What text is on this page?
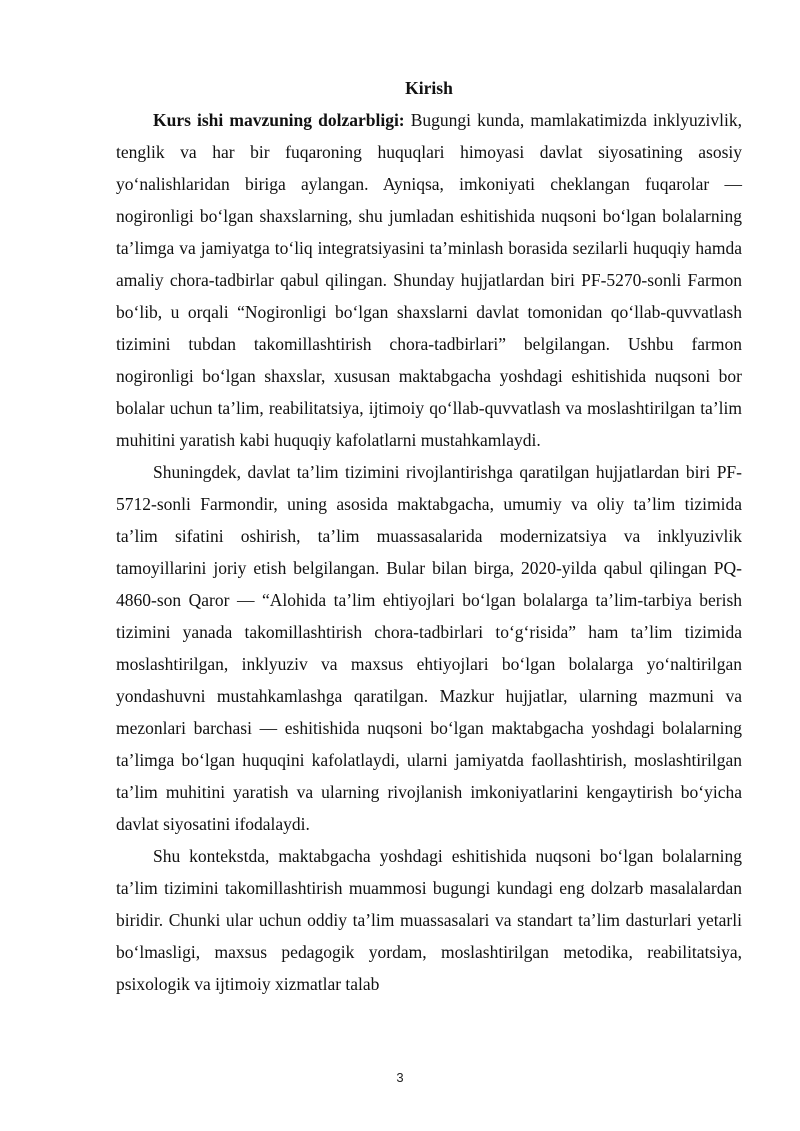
Kirish

Kurs ishi mavzuning dolzarbligi: Bugungi kunda, mamlakatimizda inklyuzivlik, tenglik va har bir fuqaroning huquqlari himoyasi davlat siyosatining asosiy yo‘nalishlaridan biriga aylangan. Ayniqsa, imkoniyati cheklangan fuqarolar — nogironligi bo‘lgan shaxslarning, shu jumladan eshitishida nuqsoni bo‘lgan bolalarning ta’limga va jamiyatga to‘liq integratsiyasini ta’minlash borasida sezilarli huquqiy hamda amaliy chora-tadbirlar qabul qilingan. Shunday hujjatlardan biri PF-5270-sonli Farmon bo‘lib, u orqali “Nogironligi bo‘lgan shaxslarni davlat tomonidan qo‘llab-quvvatlash tizimini tubdan takomillashtirish chora-tadbirlari” belgilangan. Ushbu farmon nogironligi bo‘lgan shaxslar, xususan maktabgacha yoshdagi eshitishida nuqsoni bor bolalar uchun ta’lim, reabilitatsiya, ijtimoiy qo‘llab-quvvatlash va moslashtirilgan ta’lim muhitini yaratish kabi huquqiy kafolatlarni mustahkamlaydi.

Shuningdek, davlat ta’lim tizimini rivojlantirishga qaratilgan hujjatlardan biri PF-5712-sonli Farmondir, uning asosida maktabgacha, umumiy va oliy ta’lim tizimida ta’lim sifatini oshirish, ta’lim muassasalarida modernizatsiya va inklyuzivlik tamoyillarini joriy etish belgilangan. Bular bilan birga, 2020-yilda qabul qilingan PQ-4860-son Qaror — “Alohida ta’lim ehtiyojlari bo‘lgan bolalarga ta’lim-tarbiya berish tizimini yanada takomillashtirish chora-tadbirlari to‘g‘risida” ham ta’lim tizimida moslashtirilgan, inklyuziv va maxsus ehtiyojlari bo‘lgan bolalarga yo‘naltirilgan yondashuvni mustahkamlashga qaratilgan. Mazkur hujjatlar, ularning mazmuni va mezonlari barchasi — eshitishida nuqsoni bo‘lgan maktabgacha yoshdagi bolalarning ta’limga bo‘lgan huquqini kafolatlaydi, ularni jamiyatda faollashtirish, moslashtirilgan ta’lim muhitini yaratish va ularning rivojlanish imkoniyatlarini kengaytirish bo‘yicha davlat siyosatini ifodalaydi.

Shu kontekstda, maktabgacha yoshdagi eshitishida nuqsoni bo‘lgan bolalarning ta’lim tizimini takomillashtirish muammosi bugungi kundagi eng dolzarb masalalardan biridir. Chunki ular uchun oddiy ta’lim muassasalari va standart ta’lim dasturlari yetarli bo‘lmasligi, maxsus pedagogik yordam, moslashtirilgan metodika, reabilitatsiya, psixologik va ijtimoiy xizmatlar talab

3
